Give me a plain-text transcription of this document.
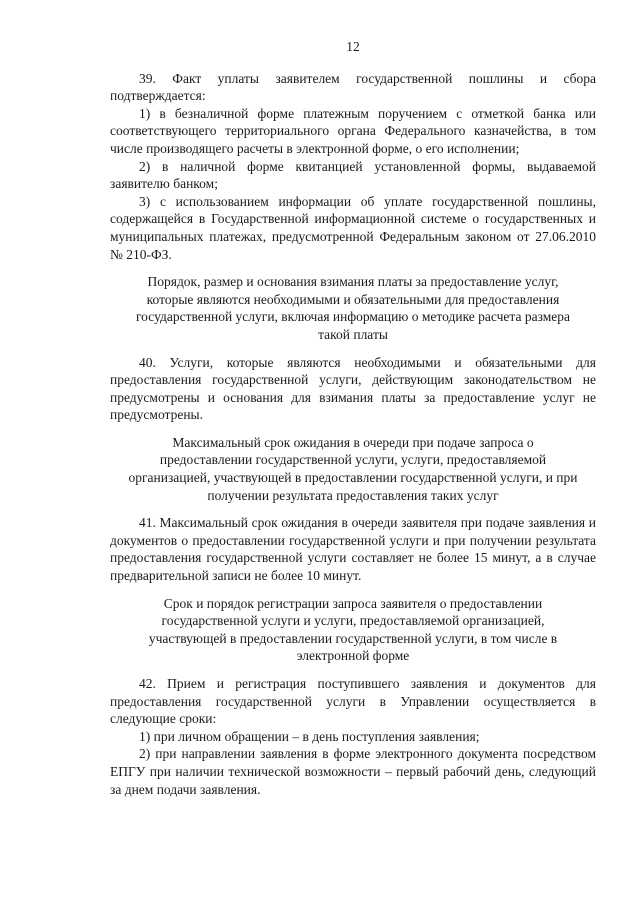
12

39. Факт уплаты заявителем государственной пошлины и сбора подтверждается:

1) в безналичной форме платежным поручением с отметкой банка или соответствующего территориального органа Федерального казначейства, в том числе производящего расчеты в электронной форме, о его исполнении;

2) в наличной форме квитанцией установленной формы, выдаваемой заявителю банком;

3) с использованием информации об уплате государственной пошлины, содержащейся в Государственной информационной системе о государственных и муниципальных платежах, предусмотренной Федеральным законом от 27.06.2010 № 210-ФЗ.

Порядок, размер и основания взимания платы за предоставление услуг, которые являются необходимыми и обязательными для предоставления государственной услуги, включая информацию о методике расчета размера такой платы

40. Услуги, которые являются необходимыми и обязательными для предоставления государственной услуги, действующим законодательством не предусмотрены и основания для взимания платы за предоставление услуг не предусмотрены.

Максимальный срок ожидания в очереди при подаче запроса о предоставлении государственной услуги, услуги, предоставляемой организацией, участвующей в предоставлении государственной услуги, и при получении результата предоставления таких услуг

41. Максимальный срок ожидания в очереди заявителя при подаче заявления и документов о предоставлении государственной услуги и при получении результата предоставления государственной услуги составляет не более 15 минут, а в случае предварительной записи не более 10 минут.

Срок и порядок регистрации запроса заявителя о предоставлении государственной услуги и услуги, предоставляемой организацией, участвующей в предоставлении государственной услуги, в том числе в электронной форме

42. Прием и регистрация поступившего заявления и документов для предоставления государственной услуги в Управлении осуществляется в следующие сроки:

1) при личном обращении – в день поступления заявления;

2) при направлении заявления в форме электронного документа посредством ЕПГУ при наличии технической возможности – первый рабочий день, следующий за днем подачи заявления.
